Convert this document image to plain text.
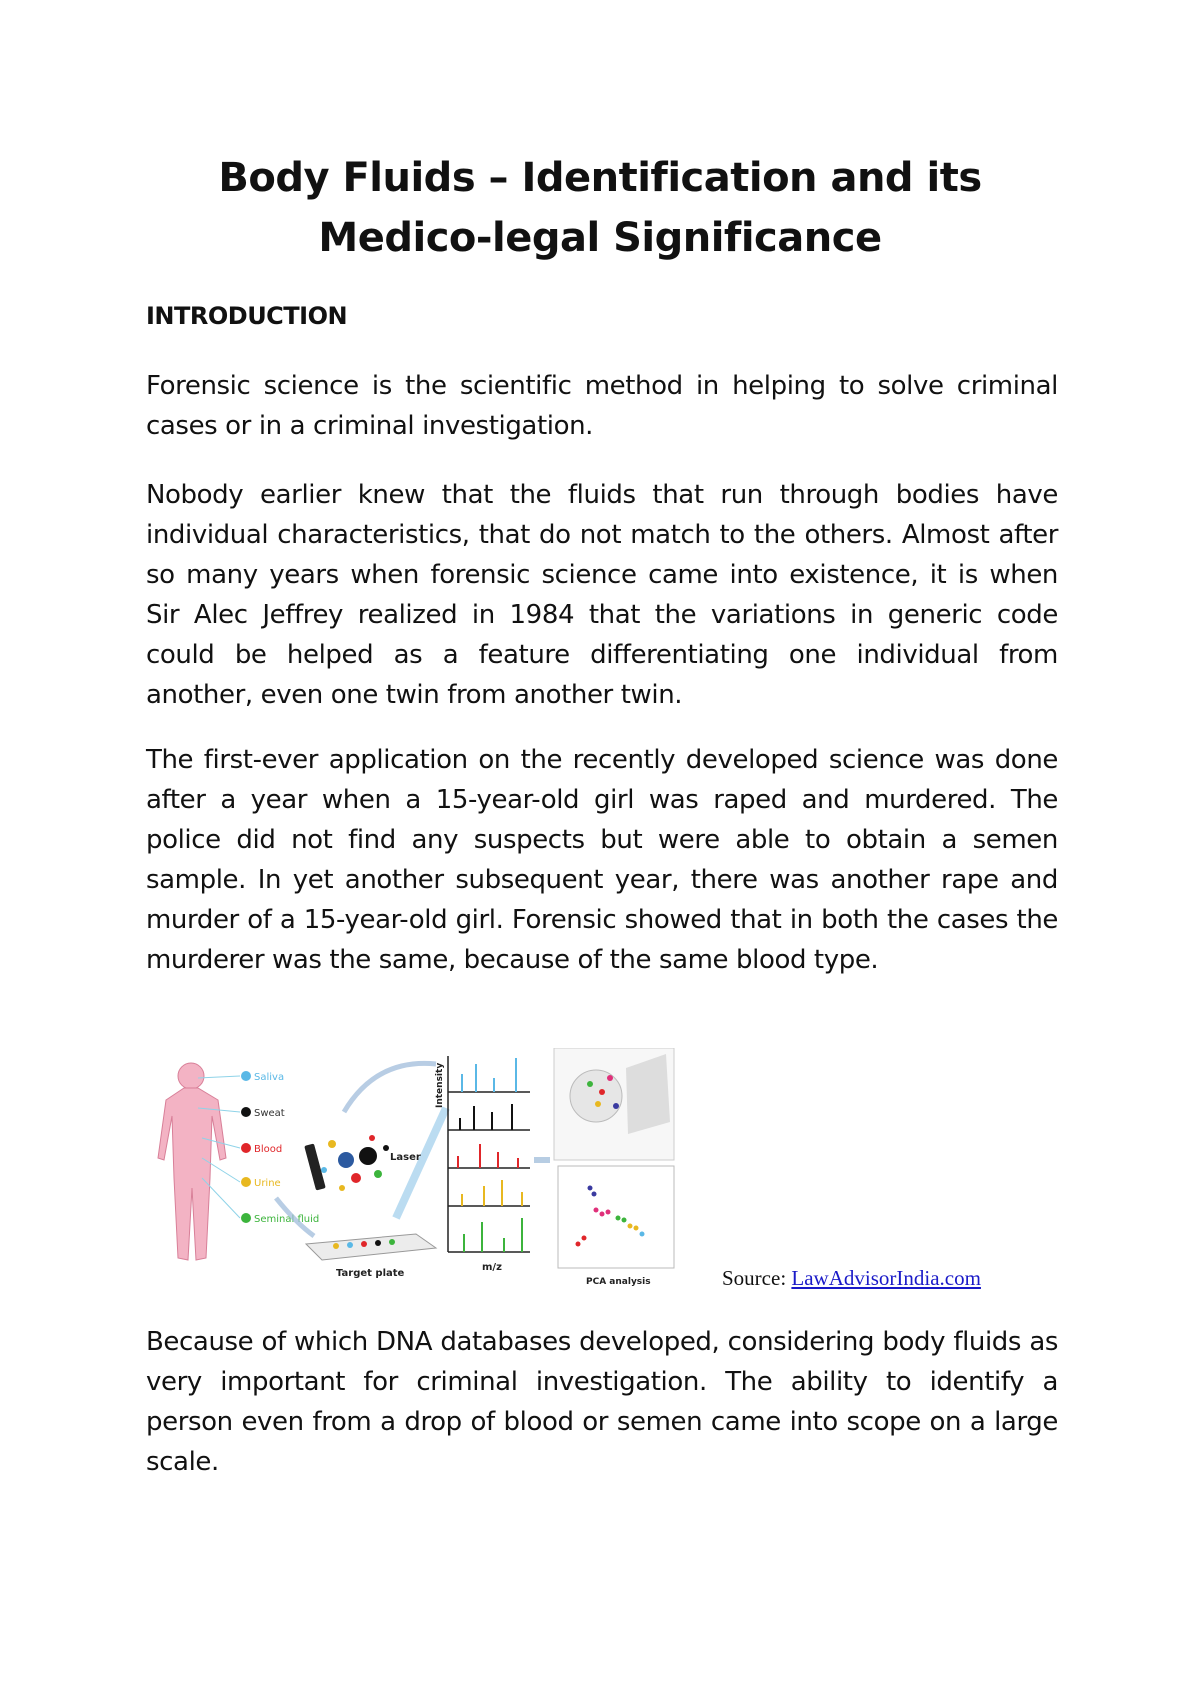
Body Fluids – Identification and its Medico-legal Significance
INTRODUCTION
Forensic science is the scientific method in helping to solve criminal cases or in a criminal investigation.
Nobody earlier knew that the fluids that run through bodies have individual characteristics, that do not match to the others. Almost after so many years when forensic science came into existence, it is when Sir Alec Jeffrey realized in 1984 that the variations in generic code could be helped as a feature differentiating one individual from another, even one twin from another twin.
The first-ever application on the recently developed science was done after a year when a 15-year-old girl was raped and murdered. The police did not find any suspects but were able to obtain a semen sample. In yet another subsequent year, there was another rape and murder of a 15-year-old girl. Forensic showed that in both the cases the murderer was the same, because of the same blood type.
Saliva
Sweat
Blood
Urine
Seminal fluid
Target plate
Laser
Intensity
m/z
PCA analysis	Source: LawAdvisorIndia.com
Because of which DNA databases developed, considering body fluids as very important for criminal investigation. The ability to identify a person even from a drop of blood or semen came into scope on a large scale.
